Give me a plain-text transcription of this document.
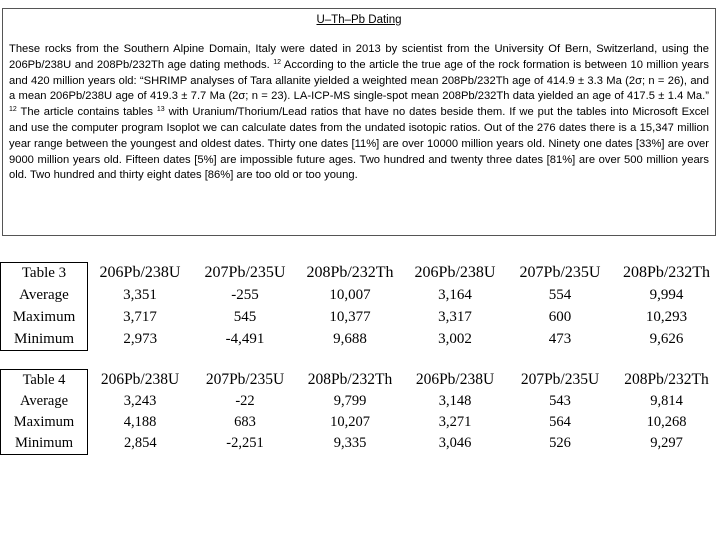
U–Th–Pb Dating
These rocks from the Southern Alpine Domain, Italy were dated in 2013 by scientist from the University Of Bern, Switzerland, using the 206Pb/238U and 208Pb/232Th age dating methods. $^{12}$ According to the article the true age of the rock formation is between 10 million years and 420 million years old: “SHRIMP analyses of Tara allanite yielded a weighted mean 208Pb/232Th age of 414.9 ± 3.3 Ma (2σ; n = 26), and a mean 206Pb/238U age of 419.3 ± 7.7 Ma (2σ; n = 23). LA-ICP-MS single-spot mean 208Pb/232Th data yielded an age of 417.5 ± 1.4 Ma.” $^{12}$ The article contains tables $^{13}$ with Uranium/Thorium/Lead ratios that have no dates beside them. If we put the tables into Microsoft Excel and use the computer program Isoplot we can calculate dates from the undated isotopic ratios. Out of the 276 dates there is a 15,347 million year range between the youngest and oldest dates. Thirty one dates [11%] are over 10000 million years old. Ninety one dates [33%] are over 9000 million years old. Fifteen dates [5%] are impossible future ages. Two hundred and twenty three dates [81%] are over 500 million years old. Two hundred and thirty eight dates [86%] are too old or too young.
Table 3	206Pb/238U	207Pb/235U	208Pb/232Th	206Pb/238U	207Pb/235U	208Pb/232Th
Average	3,351	-255	10,007	3,164	554	9,994
Maximum	3,717	545	10,377	3,317	600	10,293
Minimum	2,973	-4,491	9,688	3,002	473	9,626
Table 4	206Pb/238U	207Pb/235U	208Pb/232Th	206Pb/238U	207Pb/235U	208Pb/232Th
Average	3,243	-22	9,799	3,148	543	9,814
Maximum	4,188	683	10,207	3,271	564	10,268
Minimum	2,854	-2,251	9,335	3,046	526	9,297
